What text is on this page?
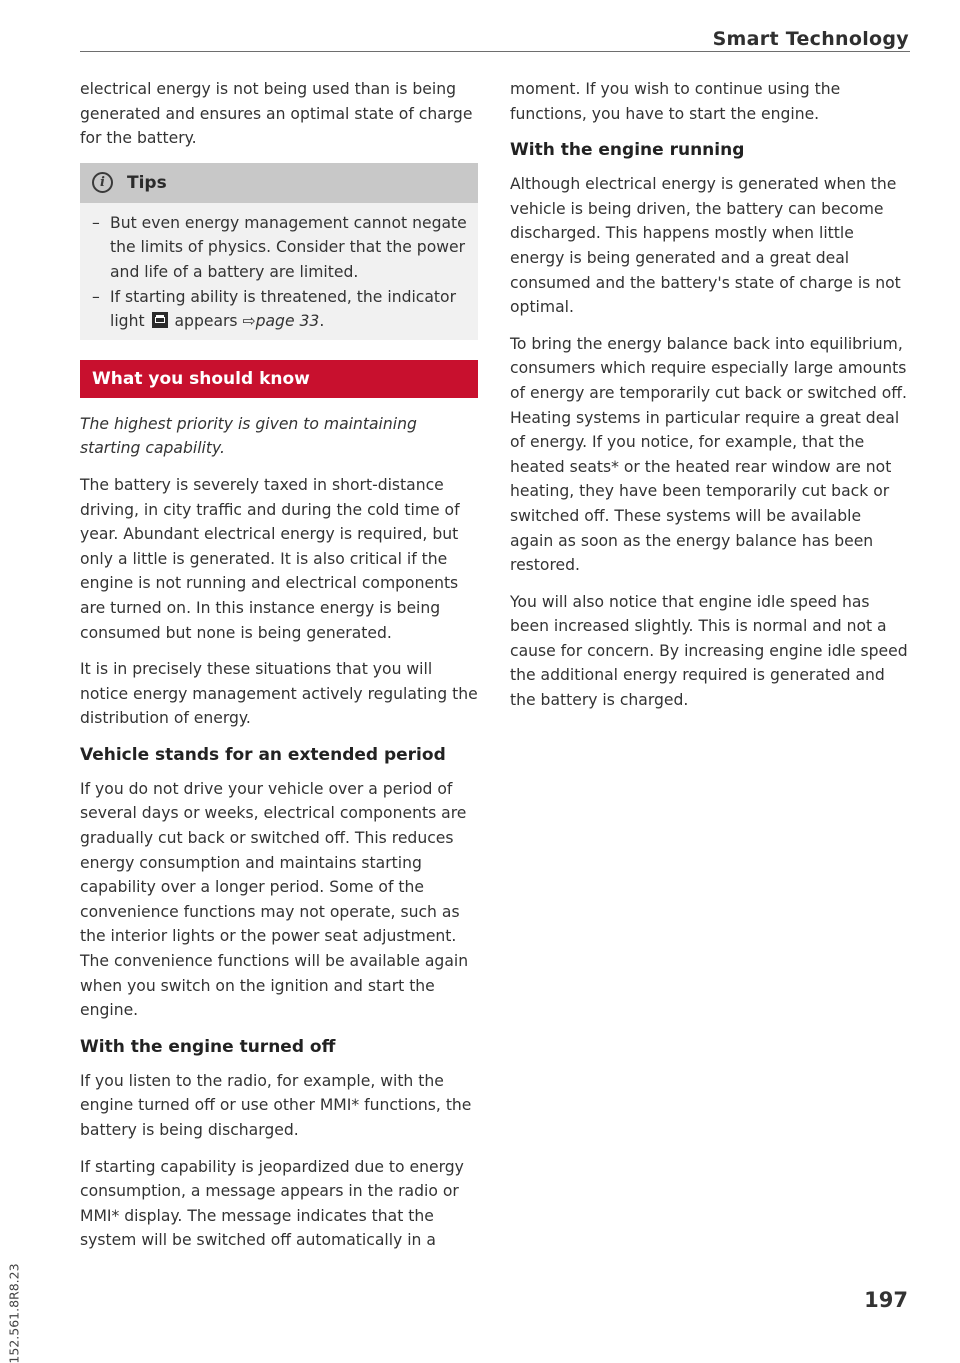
Smart Technology

electrical energy is not being used than is being generated and ensures an optimal state of charge for the battery.

i	Tips
– But even energy management cannot negate the limits of physics. Consider that the power and life of a battery are limited.
– If starting ability is threatened, the indicator light appears ⇨page 33.
What you should know

The highest priority is given to maintaining starting capability.

The battery is severely taxed in short-distance driving, in city traffic and during the cold time of year. Abundant electrical energy is required, but only a little is generated. It is also critical if the engine is not running and electrical components are turned on. In this instance energy is being consumed but none is being generated.

It is in precisely these situations that you will notice energy management actively regulating the distribution of energy.

Vehicle stands for an extended period

If you do not drive your vehicle over a period of several days or weeks, electrical components are gradually cut back or switched off. This reduces energy consumption and maintains starting capability over a longer period. Some of the convenience functions may not operate, such as the interior lights or the power seat adjustment. The convenience functions will be available again when you switch on the ignition and start the engine.

With the engine turned off

If you listen to the radio, for example, with the engine turned off or use other MMI* functions, the battery is being discharged.

If starting capability is jeopardized due to energy consumption, a message appears in the radio or MMI* display. The message indicates that the system will be switched off automatically in a

moment. If you wish to continue using the functions, you have to start the engine.

With the engine running

Although electrical energy is generated when the vehicle is being driven, the battery can become discharged. This happens mostly when little energy is being generated and a great deal consumed and the battery's state of charge is not optimal.

To bring the energy balance back into equilibrium, consumers which require especially large amounts of energy are temporarily cut back or switched off. Heating systems in particular require a great deal of energy. If you notice, for example, that the heated seats* or the heated rear window are not heating, they have been temporarily cut back or switched off. These systems will be available again as soon as the energy balance has been restored.

You will also notice that engine idle speed has been increased slightly. This is normal and not a cause for concern. By increasing engine idle speed the additional energy required is generated and the battery is charged.

152.561.8R8.23	197
